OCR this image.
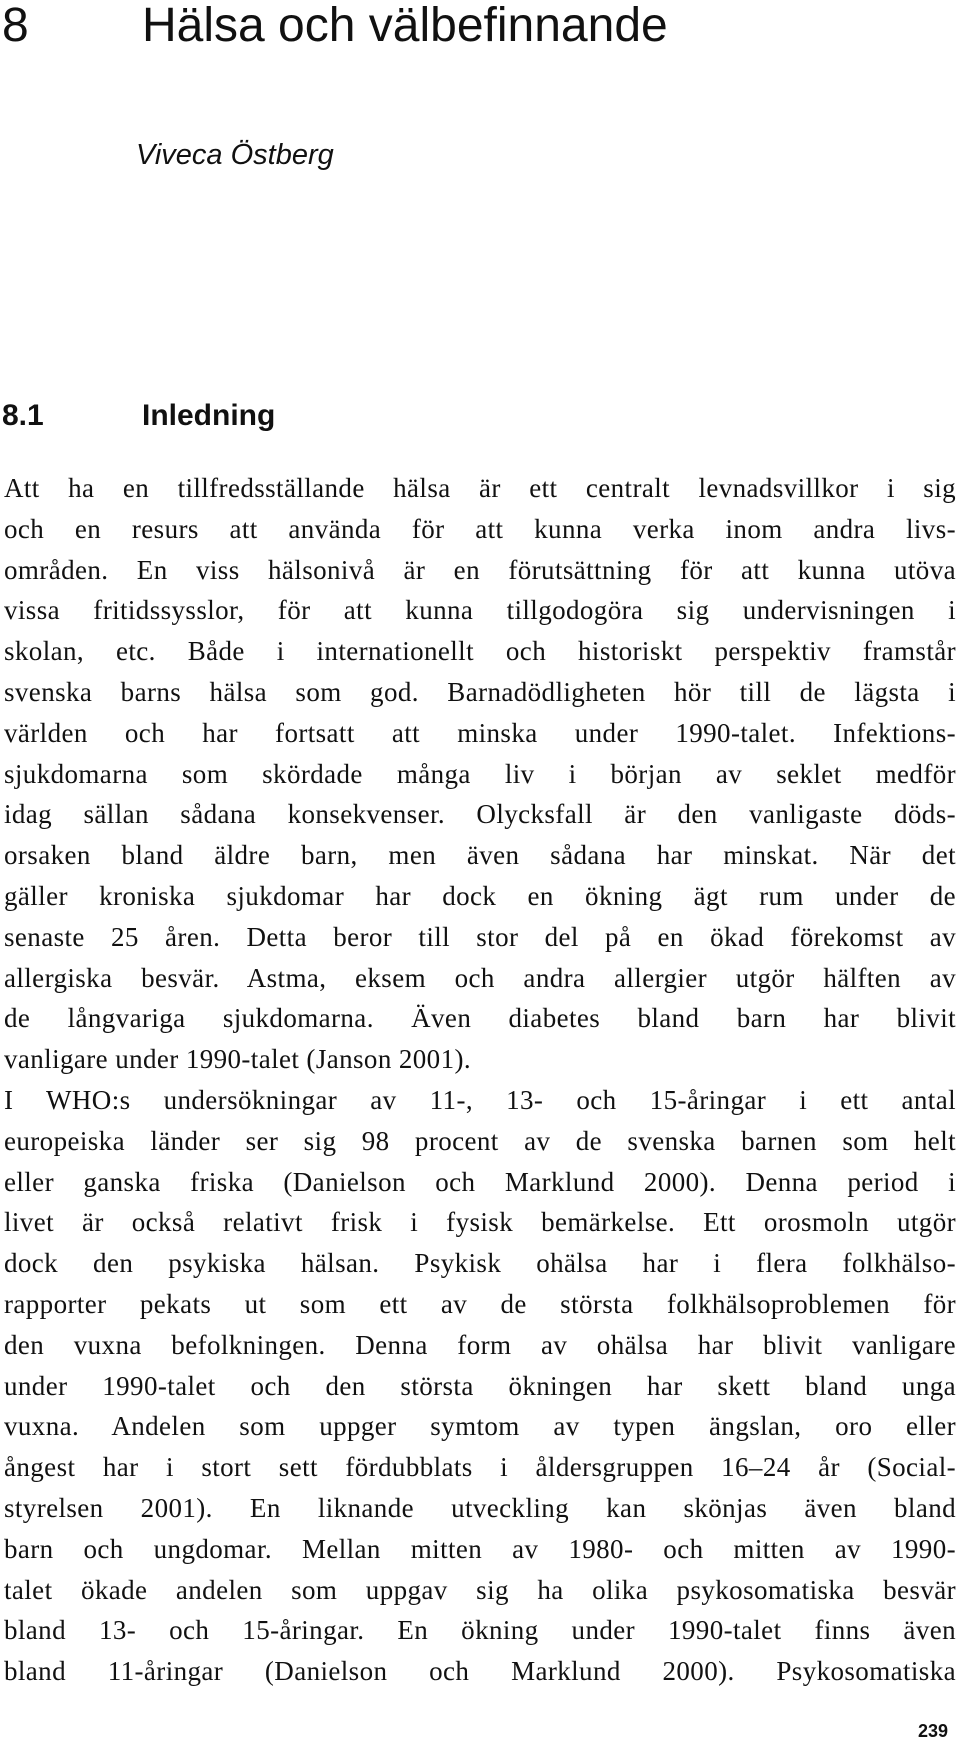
8 Hälsa och välbefinnande

Viveca Östberg

8.1	Inledning
Att ha en tillfredsställande hälsa är ett centralt levnadsvillkor i sig
och en resurs att använda för att kunna verka inom andra livs-
områden. En viss hälsonivå är en förutsättning för att kunna utöva
vissa fritidssysslor, för att kunna tillgodogöra sig undervisningen i
skolan, etc. Både i internationellt och historiskt perspektiv framstår
svenska barns hälsa som god. Barnadödligheten hör till de lägsta i
världen och har fortsatt att minska under 1990-talet. Infektions-
sjukdomarna som skördade många liv i början av seklet medför
idag sällan sådana konsekvenser. Olycksfall är den vanligaste döds-
orsaken bland äldre barn, men även sådana har minskat. När det
gäller kroniska sjukdomar har dock en ökning ägt rum under de
senaste 25 åren. Detta beror till stor del på en ökad förekomst av
allergiska besvär. Astma, eksem och andra allergier utgör hälften av
de långvariga sjukdomarna. Även diabetes bland barn har blivit
vanligare under 1990-talet (Janson 2001).
I WHO:s undersökningar av 11-, 13- och 15-åringar i ett antal
europeiska länder ser sig 98 procent av de svenska barnen som helt
eller ganska friska (Danielson och Marklund 2000). Denna period i
livet är också relativt frisk i fysisk bemärkelse. Ett orosmoln utgör
dock den psykiska hälsan. Psykisk ohälsa har i flera folkhälso-
rapporter pekats ut som ett av de största folkhälsoproblemen för
den vuxna befolkningen. Denna form av ohälsa har blivit vanligare
under 1990-talet och den största ökningen har skett bland unga
vuxna. Andelen som uppger symtom av typen ängslan, oro eller
ångest har i stort sett fördubblats i åldersgruppen 16–24 år (Social-
styrelsen 2001). En liknande utveckling kan skönjas även bland
barn och ungdomar. Mellan mitten av 1980- och mitten av 1990-
talet ökade andelen som uppgav sig ha olika psykosomatiska besvär
bland 13- och 15-åringar. En ökning under 1990-talet finns även
bland 11-åringar (Danielson och Marklund 2000). Psykosomatiska

239
